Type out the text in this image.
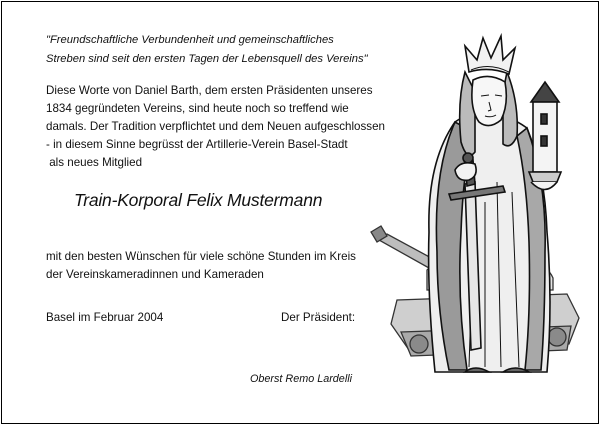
"Freundschaftliche Verbundenheit und gemeinschaftliches
Streben sind seit den ersten Tagen der Lebensquell des Vereins"
Diese Worte von Daniel Barth, dem ersten Präsidenten unseres
1834 gegründeten Vereins, sind heute noch so treffend wie
damals. Der Tradition verpflichtet und dem Neuen aufgeschlossen
- in diesem Sinne begrüsst der Artillerie-Verein Basel-Stadt
als neues Mitglied
Train-Korporal Felix Mustermann
mit den besten Wünschen für viele schöne Stunden im Kreis
der Vereinskameradinnen und Kameraden
Basel im Februar 2004	Der Präsident:
Oberst Remo Lardelli
